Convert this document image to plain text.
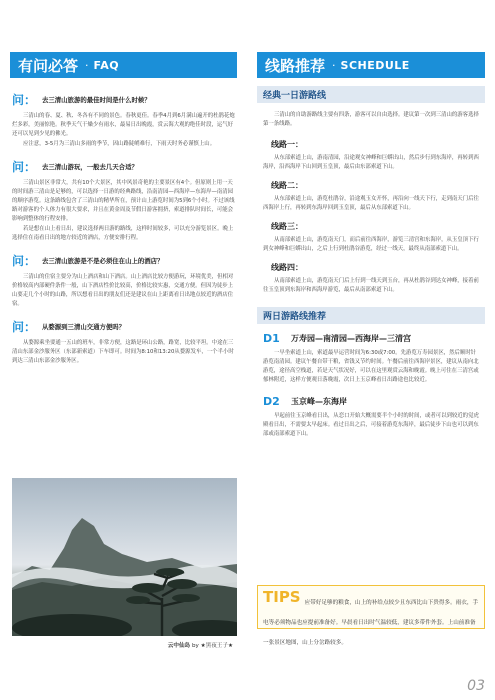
有问必答 · FAQ	线路推荐 · SCHEDULE
问： 去三清山旅游的最佳时间是什么时候？

三清山的春、夏、秋、冬各有不同的景色。春秋更佳。春季4月到6月满山遍开的杜鹃花炮烂多彩，美丽惊艳。秋季天气干燥少有雨水，最易日出晚霞，赏云海大观的绝佳时段，运气好还可以见到少见的佛光。

应注意，3-5月为三清山多雨的季节，因山路陡峭难行，下雨天时务必谨慎上山。

问： 去三清山游玩，一般去几天合适？

三清山景区非常大，共有10个大景区，其中风景奇艳的主要景区有4个。但原则上用一天的时间游三清山是足够的，可以选择一日游的经典路线，沿南清园—西海岸—东海岸—南清园的顺序游览。这条路线包含了三清山的精华所在，预计山上游览时间为5到6个小时。不过该线路对游客的个人体力有很大要求，并且在黄金周及节假日游客拥挤，索道排队时间长，可能会影响到整体的行程安排。

若是想在山上看日出，建议选择两日游的路线，这样时间较多，可以充分游览景区。晚上选择住在南看日出的地方较近的酒店，方便安排行程。

问： 去三清山旅游是不是必须住在山上的酒店？

三清山的住宿主要分为山上酒店和山下酒店。山上酒店比较方便游玩，环境优美，但相对价格较高内部硬件条件一般，山下酒店性价比较高，价格比较实惠，交通方便。但因为徒步上山要走几个小时的山路，所以想看日出的朋友们还是建议在山上距离看日出地点较近的酒店住宿。

问： 从婺源到三清山交通方便吗？

从婺源乘坐要通一五山的班车，非常方便，这路是环山公路，路宽，比较平坦。中途在三清山东部金沙服务区（东部新索道）下车即可。时间为8:10和13:20从婺源发车，一个半小时到达三清山东部金沙服务区。

云中仙岛 by ★黑夜王子★
经典一日游路线

三清山的自助游路线主要有四条，游客可以自由选择。建议第一次到三清山的游客选择第一条线路。

线路一：

从东部索道上山，游南清园，沿途观女神峰和巨蟒出山，然后步行到东海岸，再转到西海岸，沿西海岸下山回到玉皇顶，最后由东部索道下山。

线路二：

从东部索道上山，游览杜鹃谷，沿途观玉女开怀，再沿向一线天下行，走到南天门后往西海岸上行，再转到东海岸回到玉皇顶，最后从东部索道下山。

线路三：

从南部索道上山，游览南天门，而后前往西海岸，游览三清宫和东海岸，从玉皇顶下行到女神峰和巨蟒出山，之后上行到杜鹃谷游览，经过一线天，最终从南部索道下山。

线路四：

从南部索道上山，游览南天门后上行到一线天到玉台，再从杜鹃谷到达女神峰，接着前往玉皇顶到东海岸和西海岸游览，最后从南部索道下山。

两日游路线推荐
D1	万寿园—南清园—西海岸—三清宫

一早坐索道上山，索道最早运营时间为6:30或7:00。先游览万寿园景区，然后顺时针游览南清园。建议午餐自带干粮，省钱又节约时间。午餐后前往西海岸景区，建议从南向北游览，途径高空栈道，若是天气状况好，可以在这里观赏云海和晚霞。晚上可住在三清宫或郁林附近，这样方便观日落晚霞，次日上玉京峰看日出路途也比较近。

D2	玉京峰—东海岸

早起前往玉京峰看日出，从恋口开始大概需要半个小时的时间，或者可以到较近的觉虎殿看日出，不需要太早起床。看过日出之后，可接着游览东海岸，最后徒步下山也可以到东部或南部索道下山。

TIPS 应带好足够的粮食，山上的补给点较少且东西比山下贵得多。雨衣，手电等必须物品也应提前准备好。早晨看日出时气温较低，建议多带件外套。上山前准备一张景区地图，山上分岔路较多。
03
